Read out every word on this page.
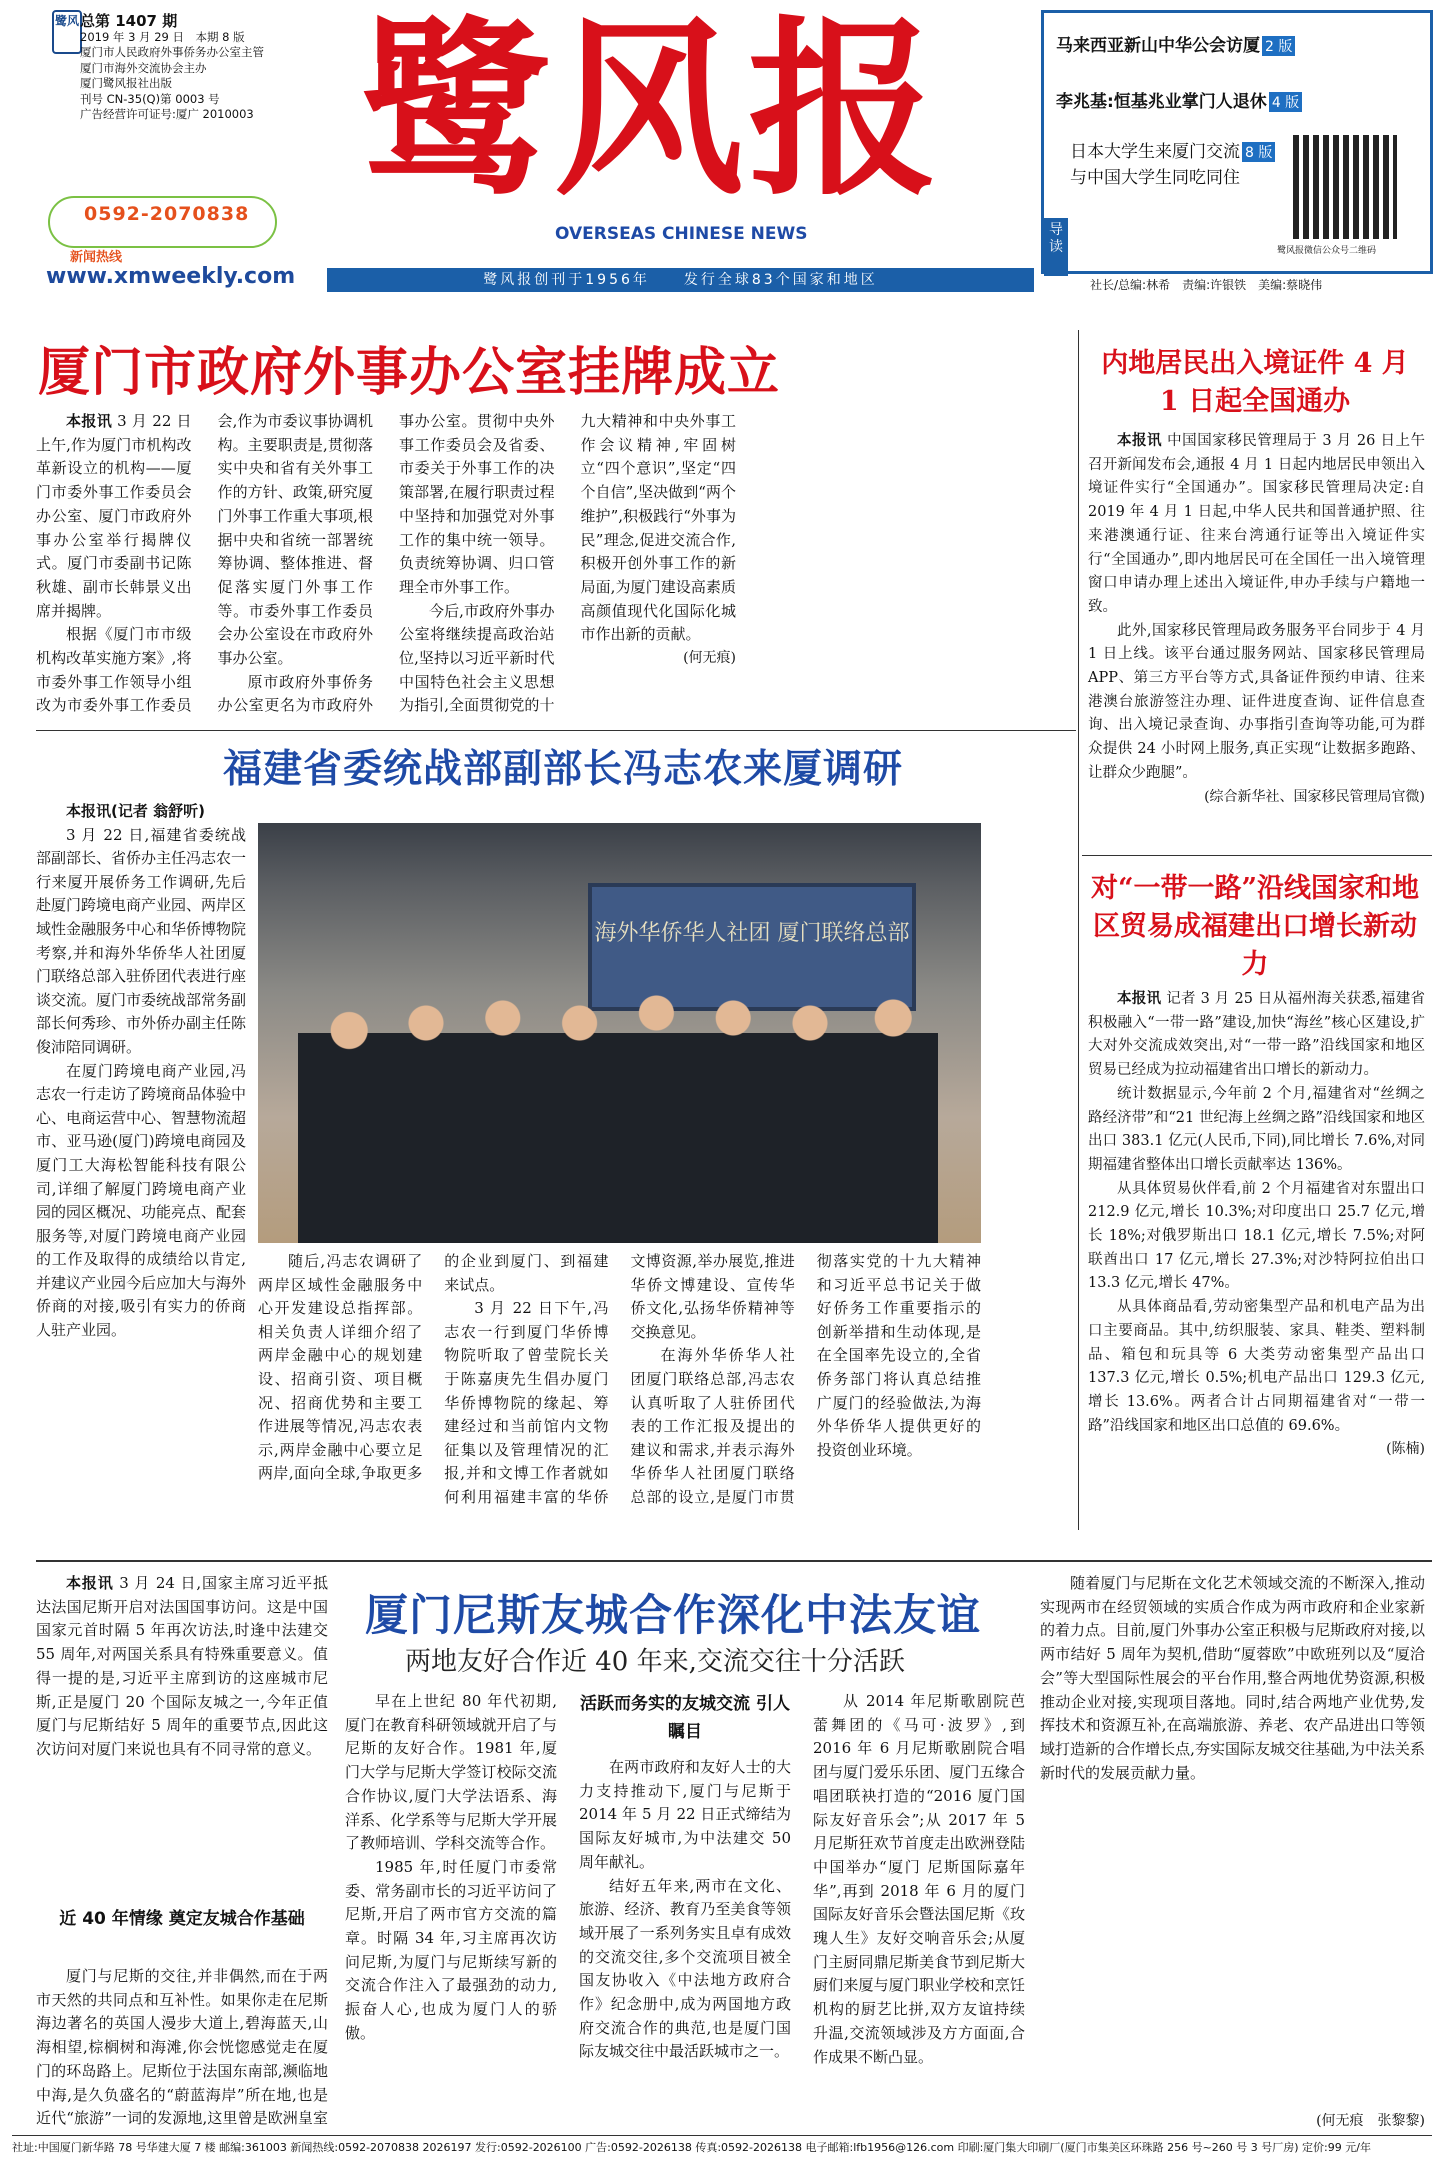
鹭风 总第 1407 期
2019 年 3 月 29 日　本期 8 版
厦门市人民政府外事侨务办公室主管
厦门市海外交流协会主办
厦门鹭风报社出版
刊号 CN-35(Q)第 0003 号
广告经营许可证号:厦广 2010003
0592-2070838
新闻热线
www.xmweekly.com
鹭风报
OVERSEAS CHINESE NEWS
鹭风报创刊于1956年　　发行全球83个国家和地区
导读
马来西亚新山中华公会访厦 2 版
李兆基:恒基兆业掌门人退休 4 版
日本大学生来厦门交流 8 版
与中国大学生同吃同住
鹭风报微信公众号二维码
社长/总编:林希　责编:许银铁　美编:蔡晓伟
厦门市政府外事办公室挂牌成立

本报讯 3 月 22 日上午,作为厦门市机构改革新设立的机构——厦门市委外事工作委员会办公室、厦门市政府外事办公室举行揭牌仪式。厦门市委副书记陈秋雄、副市长韩景义出席并揭牌。

根据《厦门市市级机构改革实施方案》,将市委外事工作领导小组改为市委外事工作委员会,作为市委议事协调机构。主要职责是,贯彻落实中央和省有关外事工作的方针、政策,研究厦门外事工作重大事项,根据中央和省统一部署统筹协调、整体推进、督促落实厦门外事工作等。市委外事工作委员会办公室设在市政府外事办公室。

原市政府外事侨务办公室更名为市政府外事办公室。贯彻中央外事工作委员会及省委、市委关于外事工作的决策部署,在履行职责过程中坚持和加强党对外事工作的集中统一领导。负责统筹协调、归口管理全市外事工作。

今后,市政府外事办公室将继续提高政治站位,坚持以习近平新时代中国特色社会主义思想为指引,全面贯彻党的十九大精神和中央外事工作会议精神,牢固树立“四个意识”,坚定“四个自信”,坚决做到“两个维护”,积极践行“外事为民”理念,促进交流合作,积极开创外事工作的新局面,为厦门建设高素质高颜值现代化国际化城市作出新的贡献。

(何无痕)
内地居民出入境证件 4 月 1 日起全国通办

本报讯 中国国家移民管理局于 3 月 26 日上午召开新闻发布会,通报 4 月 1 日起内地居民申领出入境证件实行“全国通办”。国家移民管理局决定:自 2019 年 4 月 1 日起,中华人民共和国普通护照、往来港澳通行证、往来台湾通行证等出入境证件实行“全国通办”,即内地居民可在全国任一出入境管理窗口申请办理上述出入境证件,申办手续与户籍地一致。

此外,国家移民管理局政务服务平台同步于 4 月 1 日上线。该平台通过服务网站、国家移民管理局 APP、第三方平台等方式,具备证件预约申请、往来港澳台旅游签注办理、证件进度查询、证件信息查询、出入境记录查询、办事指引查询等功能,可为群众提供 24 小时网上服务,真正实现“让数据多跑路、让群众少跑腿”。

(综合新华社、国家移民管理局官微)
对“一带一路”沿线国家和地区贸易成福建出口增长新动力

本报讯 记者 3 月 25 日从福州海关获悉,福建省积极融入“一带一路”建设,加快“海丝”核心区建设,扩大对外交流成效突出,对“一带一路”沿线国家和地区贸易已经成为拉动福建省出口增长的新动力。

统计数据显示,今年前 2 个月,福建省对“丝绸之路经济带”和“21 世纪海上丝绸之路”沿线国家和地区出口 383.1 亿元(人民币,下同),同比增长 7.6%,对同期福建省整体出口增长贡献率达 136%。

从具体贸易伙伴看,前 2 个月福建省对东盟出口 212.9 亿元,增长 10.3%;对印度出口 25.7 亿元,增长 18%;对俄罗斯出口 18.1 亿元,增长 7.5%;对阿联酋出口 17 亿元,增长 27.3%;对沙特阿拉伯出口 13.3 亿元,增长 47%。

从具体商品看,劳动密集型产品和机电产品为出口主要商品。其中,纺织服装、家具、鞋类、塑料制品、箱包和玩具等 6 大类劳动密集型产品出口 137.3 亿元,增长 0.5%;机电产品出口 129.3 亿元,增长 13.6%。两者合计占同期福建省对“一带一路”沿线国家和地区出口总值的 69.6%。

(陈楠)
福建省委统战部副部长冯志农来厦调研
海外华侨华人社团 厦门联络总部

本报讯(记者 翁舒听)

3 月 22 日,福建省委统战部副部长、省侨办主任冯志农一行来厦开展侨务工作调研,先后赴厦门跨境电商产业园、两岸区域性金融服务中心和华侨博物院考察,并和海外华侨华人社团厦门联络总部入驻侨团代表进行座谈交流。厦门市委统战部常务副部长何秀珍、市外侨办副主任陈俊沛陪同调研。

在厦门跨境电商产业园,冯志农一行走访了跨境商品体验中心、电商运营中心、智慧物流超市、亚马逊(厦门)跨境电商园及厦门工大海松智能科技有限公司,详细了解厦门跨境电商产业园的园区概况、功能亮点、配套服务等,对厦门跨境电商产业园的工作及取得的成绩给以肯定,并建议产业园今后应加大与海外侨商的对接,吸引有实力的侨商人驻产业园。

随后,冯志农调研了两岸区域性金融服务中心开发建设总指挥部。相关负责人详细介绍了两岸金融中心的规划建设、招商引资、项目概况、招商优势和主要工作进展等情况,冯志农表示,两岸金融中心要立足两岸,面向全球,争取更多的企业到厦门、到福建来试点。

3 月 22 日下午,冯志农一行到厦门华侨博物院听取了曾莹院长关于陈嘉庚先生倡办厦门华侨博物院的缘起、筹建经过和当前馆内文物征集以及管理情况的汇报,并和文博工作者就如何利用福建丰富的华侨文博资源,举办展览,推进华侨文博建设、宣传华侨文化,弘扬华侨精神等交换意见。

在海外华侨华人社团厦门联络总部,冯志农认真听取了人驻侨团代表的工作汇报及提出的建议和需求,并表示海外华侨华人社团厦门联络总部的设立,是厦门市贯彻落实党的十九大精神和习近平总书记关于做好侨务工作重要指示的创新举措和生动体现,是在全国率先设立的,全省侨务部门将认真总结推广厦门的经验做法,为海外华侨华人提供更好的投资创业环境。

厦门尼斯友城合作深化中法友谊
两地友好合作近 40 年来,交流交往十分活跃

本报讯 3 月 24 日,国家主席习近平抵达法国尼斯开启对法国国事访问。这是中国国家元首时隔 5 年再次访法,时逢中法建交 55 周年,对两国关系具有特殊重要意义。值得一提的是,习近平主席到访的这座城市尼斯,正是厦门 20 个国际友城之一,今年正值厦门与尼斯结好 5 周年的重要节点,因此这次访问对厦门来说也具有不同寻常的意义。

近 40 年情缘 奠定友城合作基础

厦门与尼斯的交往,并非偶然,而在于两市天然的共同点和互补性。如果你走在尼斯海边著名的英国人漫步大道上,碧海蓝天,山海相望,棕榈树和海滩,你会恍惚感觉走在厦门的环岛路上。尼斯位于法国东南部,濒临地中海,是久负盛名的“蔚蓝海岸”所在地,也是近代“旅游”一词的发源地,这里曾是欧洲皇室

早在上世纪 80 年代初期,厦门在教育科研领域就开启了与尼斯的友好合作。1981 年,厦门大学与尼斯大学签订校际交流合作协议,厦门大学法语系、海洋系、化学系等与尼斯大学开展了教师培训、学科交流等合作。

1985 年,时任厦门市委常委、常务副市长的习近平访问了尼斯,开启了两市官方交流的篇章。时隔 34 年,习主席再次访问尼斯,为厦门与尼斯续写新的交流合作注入了最强劲的动力,振奋人心,也成为厦门人的骄傲。

活跃而务实的友城交流 引人瞩目

在两市政府和友好人士的大力支持推动下,厦门与尼斯于 2014 年 5 月 22 日正式缔结为国际友好城市,为中法建交 50 周年献礼。

结好五年来,两市在文化、旅游、经济、教育乃至美食等领域开展了一系列务实且卓有成效的交流交往,多个交流项目被全国友协收入《中法地方政府合作》纪念册中,成为两国地方政府交流合作的典范,也是厦门国际友城交往中最活跃城市之一。

从 2014 年尼斯歌剧院芭蕾舞团的《马可·波罗》,到 2016 年 6 月尼斯歌剧院合唱团与厦门爱乐乐团、厦门五缘合唱团联袂打造的“2016 厦门国际友好音乐会”;从 2017 年 5 月尼斯狂欢节首度走出欧洲登陆中国举办“厦门 尼斯国际嘉年华”,再到 2018 年 6 月的厦门国际友好音乐会暨法国尼斯《玫瑰人生》友好交响音乐会;从厦门主厨同鼎尼斯美食节到尼斯大厨们来厦与厦门职业学校和烹饪机构的厨艺比拼,双方友谊持续升温,交流领域涉及方方面面,合作成果不断凸显。

随着厦门与尼斯在文化艺术领域交流的不断深入,推动实现两市在经贸领域的实质合作成为两市政府和企业家新的着力点。目前,厦门外事办公室正积极与尼斯政府对接,以两市结好 5 周年为契机,借助“厦蓉欧”中欧班列以及“厦洽会”等大型国际性展会的平台作用,整合两地优势资源,积极推动企业对接,实现项目落地。同时,结合两地产业优势,发挥技术和资源互补,在高端旅游、养老、农产品进出口等领域打造新的合作增长点,夯实国际友城交往基础,为中法关系新时代的发展贡献力量。

(何无痕　张黎黎)
社址:中国厦门新华路 78 号华建大厦 7 楼 邮编:361003 新闻热线:0592-2070838 2026197 发行:0592-2026100 广告:0592-2026138 传真:0592-2026138 电子邮箱:lfb1956@126.com 印刷:厦门集大印刷厂(厦门市集美区环珠路 256 号~260 号 3 号厂房) 定价:99 元/年
